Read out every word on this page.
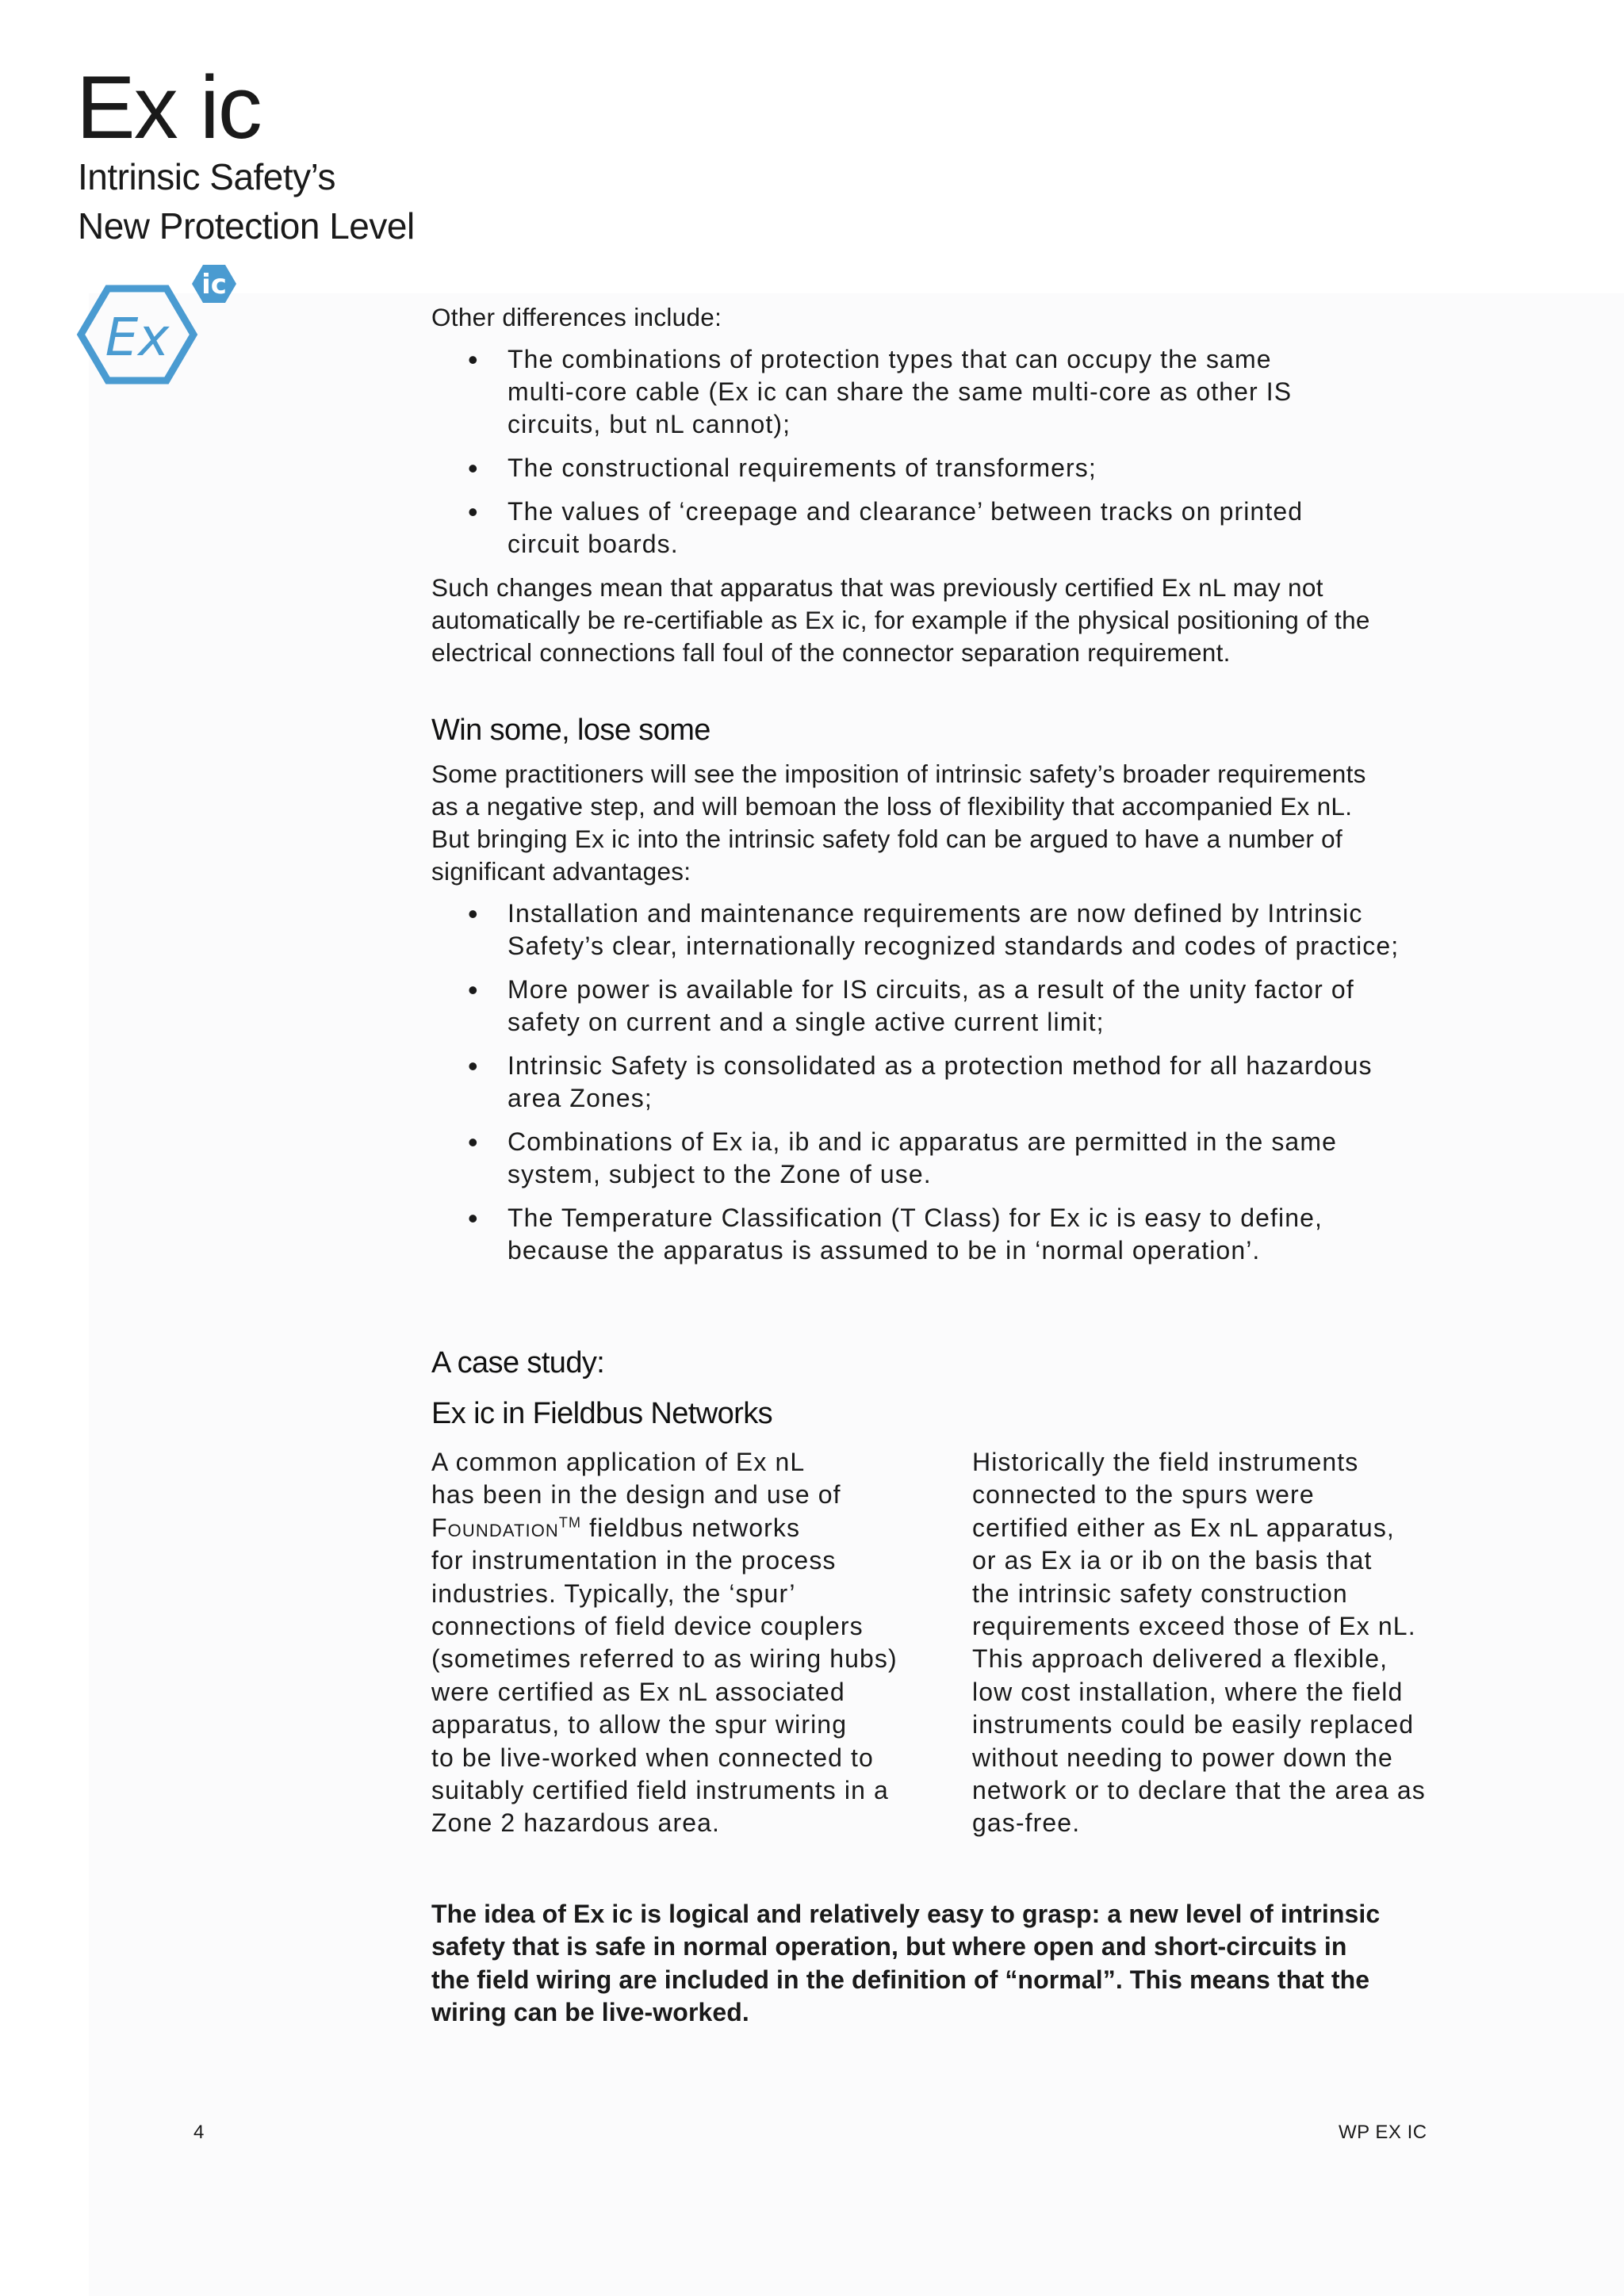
Ex ic
Intrinsic Safety’s
New Protection Level
Ex
ic

Other differences include:

• The combinations of protection types that can occupy the same
multi-core cable (Ex ic can share the same multi-core as other IS
circuits, but nL cannot);
• The constructional requirements of transformers;
• The values of ‘creepage and clearance’ between tracks on printed
circuit boards.

Such changes mean that apparatus that was previously certified Ex nL may not
automatically be re-certifiable as Ex ic, for example if the physical positioning of the
electrical connections fall foul of the connector separation requirement.

Win some, lose some

Some practitioners will see the imposition of intrinsic safety’s broader requirements
as a negative step, and will bemoan the loss of flexibility that accompanied Ex nL.
But bringing Ex ic into the intrinsic safety fold can be argued to have a number of
significant advantages:

• Installation and maintenance requirements are now defined by Intrinsic
Safety’s clear, internationally recognized standards and codes of practice;
• More power is available for IS circuits, as a result of the unity factor of
safety on current and a single active current limit;
• Intrinsic Safety is consolidated as a protection method for all hazardous
area Zones;
• Combinations of Ex ia, ib and ic apparatus are permitted in the same
system, subject to the Zone of use.
• The Temperature Classification (T Class) for Ex ic is easy to define,
because the apparatus is assumed to be in ‘normal operation’.
A case study:
Ex ic in Fieldbus Networks
A common application of Ex nL
has been in the design and use of
Foundation™ fieldbus networks
for instrumentation in the process
industries. Typically, the ‘spur’
connections of field device couplers
(sometimes referred to as wiring hubs)
were certified as Ex nL associated
apparatus, to allow the spur wiring
to be live-worked when connected to
suitably certified field instruments in a
Zone 2 hazardous area.
Historically the field instruments
connected to the spurs were
certified either as Ex nL apparatus,
or as Ex ia or ib on the basis that
the intrinsic safety construction
requirements exceed those of Ex nL.
This approach delivered a flexible,
low cost installation, where the field
instruments could be easily replaced
without needing to power down the
network or to declare that the area as
gas-free.

The idea of Ex ic is logical and relatively easy to grasp: a new level of intrinsic
safety that is safe in normal operation, but where open and short-circuits in
the field wiring are included in the definition of “normal”. This means that the
wiring can be live-worked.

4	WP EX IC
